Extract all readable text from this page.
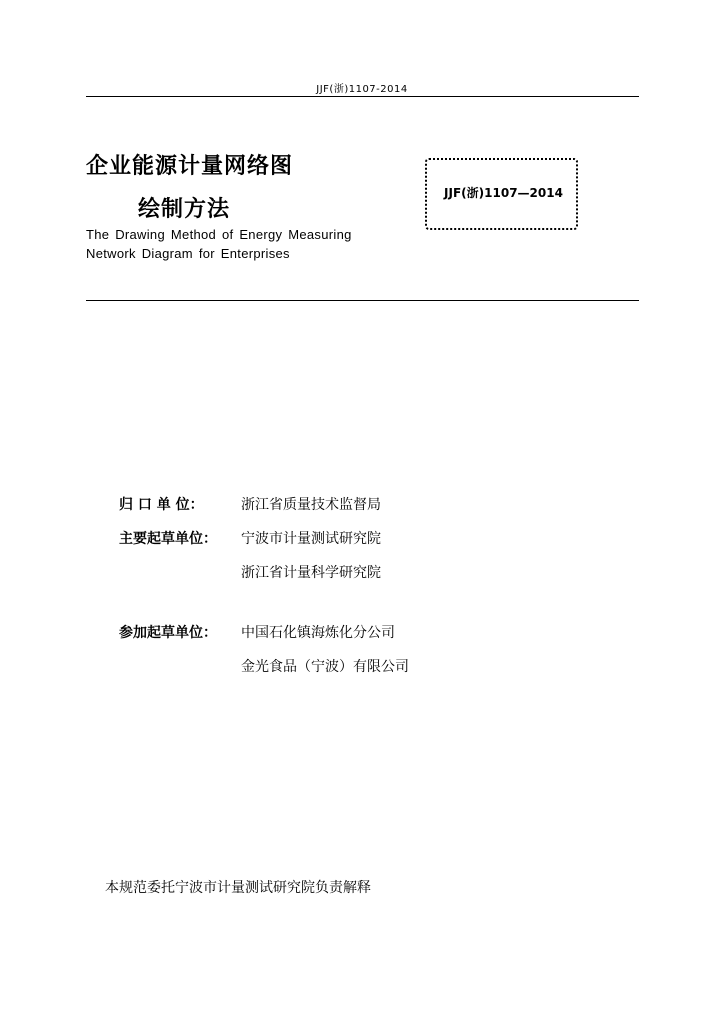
JJF(浙)1107-2014
企业能源计量网络图
绘制方法
The Drawing Method of Energy Measuring
Network Diagram for Enterprises
JJF(浙)1107—2014
归 口 单 位：	浙江省质量技术监督局
主要起草单位： 宁波市计量测试研究院
浙江省计量科学研究院
参加起草单位： 中国石化镇海炼化分公司
金光食品（宁波）有限公司
本规范委托宁波市计量测试研究院负责解释
